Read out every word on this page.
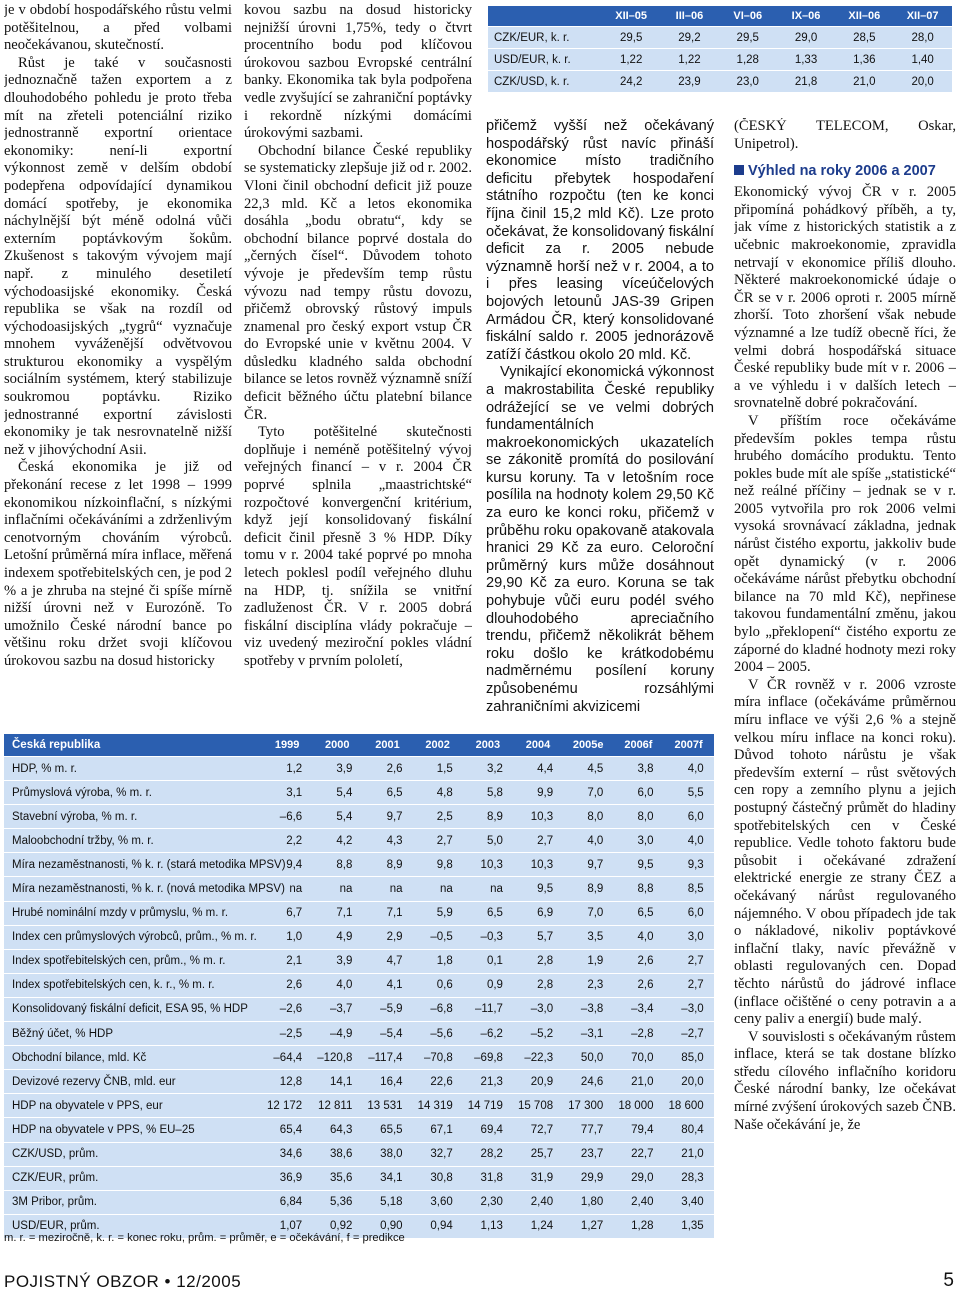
je v období hospodářského růstu velmi potěšitelnou, a před volbami neočekávanou, skutečností.

Růst je také v současnosti jednoznačně tažen exportem a z dlouhodobého pohledu je proto třeba mít na zřeteli potenciální riziko jednostranně exportní orientace ekonomiky: není-li exportní výkonnost země v delším období podepřena odpovídající dynamikou domácí spotřeby, je ekonomika náchylnější být méně odolná vůči externím poptávkovým šokům. Zkušenost s takovým vývojem mají např. z minulého desetiletí východoasijské ekonomiky. Česká republika se však na rozdíl od východoasijských „tygrů“ vyznačuje mnohem vyváženější odvětvovou strukturou ekonomiky a vyspělým sociálním systémem, který stabilizuje soukromou poptávku. Riziko jednostranné exportní závislosti ekonomiky je tak nesrovnatelně nižší než v jihovýchodní Asii.

Česká ekonomika je již od překonání recese z let 1998 – 1999 ekonomikou nízkoinflační, s nízkými inflačními očekáváními a zdrženlivým cenotvorným chováním výrobců. Letošní průměrná míra inflace, měřená indexem spotřebitelských cen, je pod 2 % a je zhruba na stejné či spíše mírně nižší úrovni než v Eurozóně. To umožnilo České národní bance po většinu roku držet svoji klíčovou úrokovou sazbu na dosud historicky

kovou sazbu na dosud historicky nejnižší úrovni 1,75%, tedy o čtvrt procentního bodu pod klíčovou úrokovou sazbou Evropské centrální banky. Ekonomika tak byla podpořena vedle zvyšující se zahraniční poptávky i rekordně nízkými domácími úrokovými sazbami.

Obchodní bilance České republiky se systematicky zlepšuje již od r. 2002. Vloni činil obchodní deficit již pouze 22,3 mld. Kč a letos ekonomika dosáhla „bodu obratu“, kdy se obchodní bilance poprvé dostala do „černých čísel“. Důvodem tohoto vývoje je především temp růstu vývozu nad tempy růstu dovozu, přičemž obrovský růstový impuls znamenal pro český export vstup ČR do Evropské unie v květnu 2004. V důsledku kladného salda obchodní bilance se letos rovněž významně sníží deficit běžného účtu platební bilance ČR.

Tyto potěšitelné skutečnosti doplňuje i neméně potěšitelný vývoj veřejných financí – v r. 2004 ČR poprvé splnila „maastrichtské“ rozpočtové konvergenční kritérium, když její konsolidovaný fiskální deficit činil přesně 3 % HDP. Díky tomu v r. 2004 také poprvé po mnoha letech poklesl podíl veřejného dluhu na HDP, tj. snížila se vnitřní zadluženost ČR. V r. 2005 dobrá fiskální disciplína vlády pokračuje – viz uvedený meziroční pokles vládní spotřeby v prvním pololetí,

přičemž vyšší než očekávaný hospodářský růst navíc přináší ekonomice místo tradičního deficitu přebytek hospodaření státního rozpočtu (ten ke konci října činil 15,2 mld Kč). Lze proto očekávat, že konsolidovaný fiskální deficit za r. 2005 nebude významně horší než v r. 2004, a to i přes leasing víceúčelových bojových letounů JAS-39 Gripen Armádou ČR, který konsolidované fiskální saldo r. 2005 jednorázově zatíží částkou okolo 20 mld. Kč.

Vynikající ekonomická výkonnost a makrostabilita České republiky odrážející se ve velmi dobrých fundamentálních makroekonomických ukazatelích se zákonitě promítá do posilování kursu koruny. Ta v letošním roce posílila na hodnoty kolem 29,50 Kč za euro ke konci roku, přičemž v průběhu roku opakovaně atakovala hranici 29 Kč za euro. Celoroční průměrný kurs může dosáhnout 29,90 Kč za euro. Koruna se tak pohybuje vůči euru podél svého dlouhodobého apreciačního trendu, přičemž několikrát během roku došlo ke krátkodobému nadměrnému posílení koruny způsobenému rozsáhlými zahraničními akvizicemi

(ČESKÝ TELECOM, Oskar, Unipetrol).

Výhled na roky 2006 a 2007

Ekonomický vývoj ČR v r. 2005 připomíná pohádkový příběh, a ty, jak víme z historických statistik a z učebnic makroekonomie, zpravidla netrvají v ekonomice příliš dlouho. Některé makroekonomické údaje o ČR se v r. 2006 oproti r. 2005 mírně zhorší. Toto zhoršení však nebude významné a lze tudíž obecně říci, že velmi dobrá hospodářská situace České republiky bude mít v r. 2006 – a ve výhledu i v dalších letech – srovnatelně dobré pokračování.

V příštím roce očekáváme především pokles tempa růstu hrubého domácího produktu. Tento pokles bude mít ale spíše „statistické“ než reálné příčiny – jednak se v r. 2005 vytvořila pro rok 2006 velmi vysoká srovnávací základna, jednak nárůst čistého exportu, jakkoliv bude opět dynamický (v r. 2006 očekáváme nárůst přebytku obchodní bilance na 70 mld Kč), nepřinese takovou fundamentální změnu, jakou bylo „překlopení“ čistého exportu ze záporné do kladné hodnoty mezi roky 2004 – 2005.

V ČR rovněž v r. 2006 vzroste míra inflace (očekáváme průměrnou míru inflace ve výši 2,6 % a stejně velkou míru inflace na konci roku). Důvod tohoto nárůstu je však především externí – růst světových cen ropy a zemního plynu a jejich postupný částečný průmět do hladiny spotřebitelských cen v České republice. Vedle tohoto faktoru bude působit i očekávané zdražení elektrické energie ze strany ČEZ a očekávaný nárůst regulovaného nájemného. V obou případech jde tak o nákladové, nikoliv poptávkové inflační tlaky, navíc převážně v oblasti regulovaných cen. Dopad těchto nárůstů do jádrové inflace (inflace očištěné o ceny potravin a a ceny paliv a energií) bude malý.

V souvislosti s očekávaným růstem inflace, která se tak dostane blízko středu cílového inflačního koridoru České národní banky, lze očekávat mírné zvýšení úrokových sazeb ČNB. Naše očekávání je, že

XII–05	III–06	VI–06	IX–06	XII–06	XII–07
CZK/EUR, k. r.	29,5	29,2	29,5	29,0	28,5	28,0
USD/EUR, k. r.	1,22	1,22	1,28	1,33	1,36	1,40
CZK/USD, k. r.	24,2	23,9	23,0	21,8	21,0	20,0
Česká republika	1999	2000	2001	2002	2003	2004	2005e	2006f	2007f
HDP, % m. r.	1,2	3,9	2,6	1,5	3,2	4,4	4,5	3,8	4,0
Průmyslová výroba, % m. r.	3,1	5,4	6,5	4,8	5,8	9,9	7,0	6,0	5,5
Stavební výroba, % m. r.	–6,6	5,4	9,7	2,5	8,9	10,3	8,0	8,0	6,0
Maloobchodní tržby, % m. r.	2,2	4,2	4,3	2,7	5,0	2,7	4,0	3,0	4,0
Míra nezaměstnanosti, % k. r. (stará metodika MPSV) 9,4	8,8	8,9	9,8	10,3	10,3	9,7	9,5	9,3
Míra nezaměstnanosti, % k. r. (nová metodika MPSV) na	na	na	na	na	9,5	8,9	8,8	8,5
Hrubé nominální mzdy v průmyslu, % m. r.	6,7	7,1	7,1	5,9	6,5	6,9	7,0	6,5	6,0
Index cen průmyslových výrobců, prům., % m. r.	1,0	4,9	2,9	–0,5	–0,3	5,7	3,5	4,0	3,0
Index spotřebitelských cen, prům., % m. r.	2,1	3,9	4,7	1,8	0,1	2,8	1,9	2,6	2,7
Index spotřebitelských cen, k. r., % m. r.	2,6	4,0	4,1	0,6	0,9	2,8	2,3	2,6	2,7
Konsolidovaný fiskální deficit, ESA 95, % HDP	–2,6	–3,7	–5,9	–6,8	–11,7	–3,0	–3,8	–3,4	–3,0
Běžný účet, % HDP	–2,5	–4,9	–5,4	–5,6	–6,2	–5,2	–3,1	–2,8	–2,7
Obchodní bilance, mld. Kč	–64,4	–120,8	–117,4	–70,8	–69,8	–22,3	50,0	70,0	85,0
Devizové rezervy ČNB, mld. eur	12,8	14,1	16,4	22,6	21,3	20,9	24,6	21,0	20,0
HDP na obyvatele v PPS, eur	12 172	12 811	13 531	14 319	14 719	15 708	17 300	18 000	18 600
HDP na obyvatele v PPS, % EU–25	65,4	64,3	65,5	67,1	69,4	72,7	77,7	79,4	80,4
CZK/USD, prům.	34,6	38,6	38,0	32,7	28,2	25,7	23,7	22,7	21,0
CZK/EUR, prům.	36,9	35,6	34,1	30,8	31,8	31,9	29,9	29,0	28,3
3M Pribor, prům.	6,84	5,36	5,18	3,60	2,30	2,40	1,80	2,40	3,40
USD/EUR, prům.	1,07	0,92	0,90	0,94	1,13	1,24	1,27	1,28	1,35
m. r. = meziročně, k. r. = konec roku, prům. = průměr, e = očekávání, f = predikce
POJISTNÝ OBZOR • 12/2005	5
